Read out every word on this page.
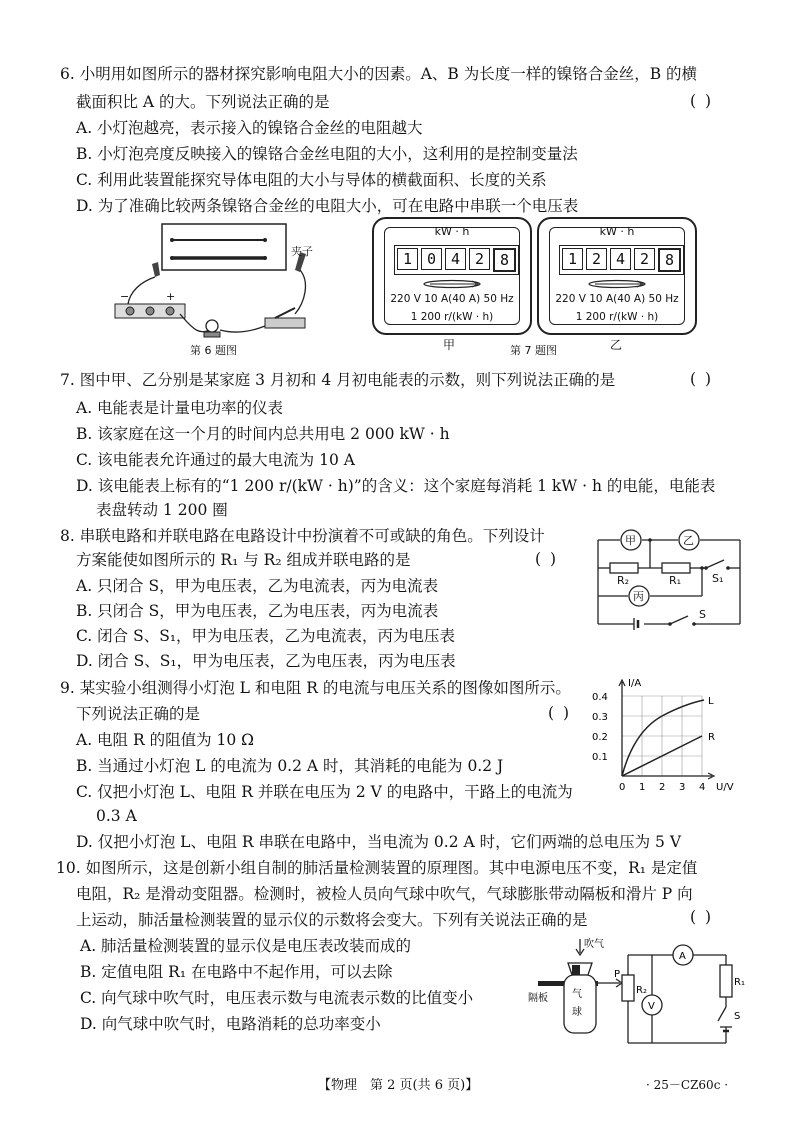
6. 小明用如图所示的器材探究影响电阻大小的因素。A、B 为长度一样的镍铬合金丝，B 的横
截面积比 A 的大。下列说法正确的是	( )
A. 小灯泡越亮，表示接入的镍铬合金丝的电阻越大
B. 小灯泡亮度反映接入的镍铬合金丝电阻的大小，这利用的是控制变量法
C. 利用此装置能探究导体电阻的大小与导体的横截面积、长度的关系
D. 为了准确比较两条镍铬合金丝的电阻大小，可在电路中串联一个电压表
夹子
−	+
第 6 题图
kW · h
1 0 4 2	8
220 V 10 A(40 A) 50 Hz
1 200 r/(kW · h)
甲
kW · h
1 2 4 2	8
220 V 10 A(40 A) 50 Hz
1 200 r/(kW · h)
乙
第 7 题图
7. 图中甲、乙分别是某家庭 3 月初和 4 月初电能表的示数，则下列说法正确的是	( )
A. 电能表是计量电功率的仪表
B. 该家庭在这一个月的时间内总共用电 2 000 kW · h
C. 该电能表允许通过的最大电流为 10 A
D. 该电能表上标有的“1 200 r/(kW · h)”的含义：这个家庭每消耗 1 kW · h 的电能，电能表
表盘转动 1 200 圈
8. 串联电路和并联电路在电路设计中扮演着不可或缺的角色。下列设计
方案能使如图所示的 R₁ 与 R₂ 组成并联电路的是	( )
A. 只闭合 S，甲为电压表，乙为电流表，丙为电流表
B. 只闭合 S，甲为电压表，乙为电压表，丙为电流表
C. 闭合 S、S₁，甲为电压表，乙为电流表，丙为电压表
D. 闭合 S、S₁，甲为电压表，乙为电压表，丙为电压表
甲	乙
丙
R₂	R₁	S₁
S
9. 某实验小组测得小灯泡 L 和电阻 R 的电流与电压关系的图像如图所示。
下列说法正确的是	( )
A. 电阻 R 的阻值为 10 Ω
B. 当通过小灯泡 L 的电流为 0.2 A 时，其消耗的电能为 0.2 J
C. 仅把小灯泡 L、电阻 R 并联在电压为 2 V 的电路中，干路上的电流为
0.3 A
D. 仅把小灯泡 L、电阻 R 串联在电路中，当电流为 0.2 A 时，它们两端的总电压为 5 V
0.4
0.3
0.2
0.1
0 1 2 3 4
I/A
U/V
L
R
10. 如图所示，这是创新小组自制的肺活量检测装置的原理图。其中电源电压不变，R₁ 是定值
电阻，R₂ 是滑动变阻器。检测时，被检人员向气球中吹气，气球膨胀带动隔板和滑片 P 向
上运动，肺活量检测装置的显示仪的示数将会变大。下列有关说法正确的是	( )
A. 肺活量检测装置的显示仪是电压表改装而成的
B. 定值电阻 R₁ 在电路中不起作用，可以去除
C. 向气球中吹气时，电压表示数与电流表示数的比值变小
D. 向气球中吹气时，电路消耗的总功率变小
吹气
P
R₂
R₁
A
V
S
隔板 气
球
【物理　第 2 页(共 6 页)】	· 25－CZ60c ·
